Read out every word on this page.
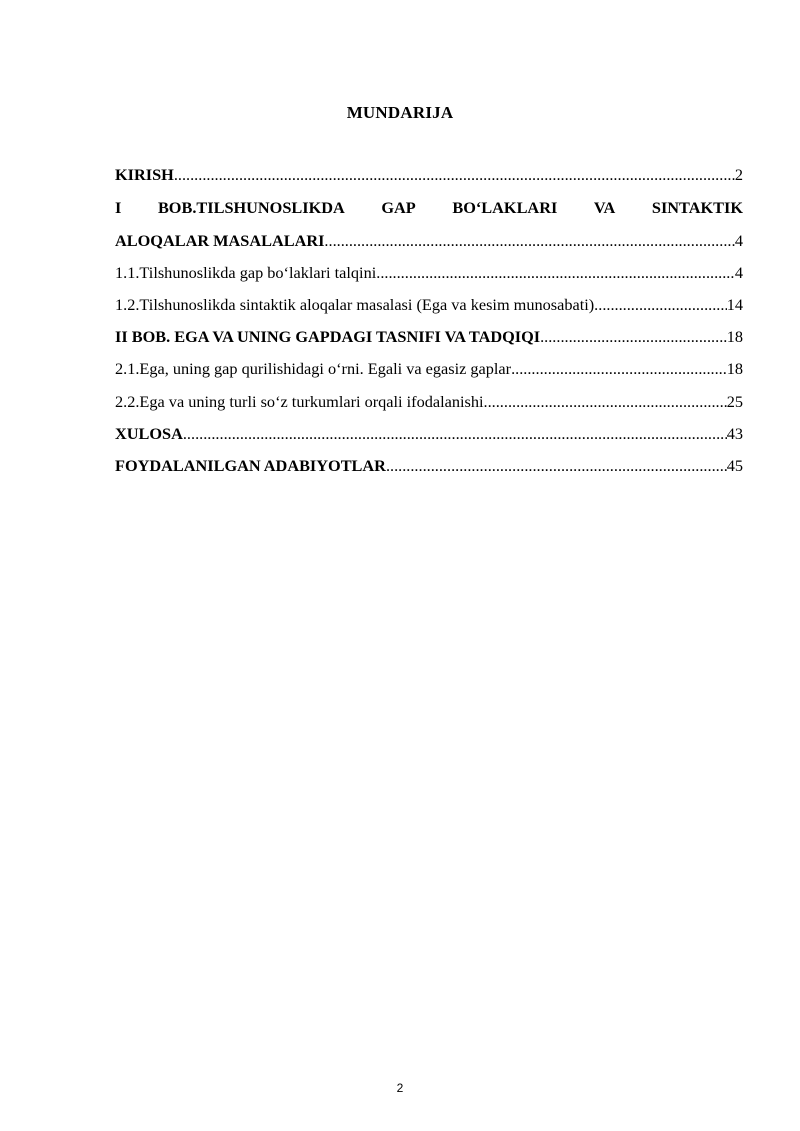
MUNDARIJA
KIRISH .....	2
I BOB.TILSHUNOSLIKDA GAP BO‘LAKLARI VA SINTAKTIK
ALOQALAR MASALALARI .....	4
1.1.Tilshunoslikda gap bo‘laklari talqini .....	4
1.2.Tilshunoslikda sintaktik aloqalar masalasi (Ega va kesim munosabati) .....	14
II BOB. EGA VA UNING GAPDAGI TASNIFI VA TADQIQI .....	18
2.1.Ega, uning gap qurilishidagi o‘rni. Egali va egasiz gaplar .....	18
2.2.Ega va uning turli so‘z turkumlari orqali ifodalanishi .....	25
XULOSA .....	43
FOYDALANILGAN ADABIYOTLAR .....	45
2
